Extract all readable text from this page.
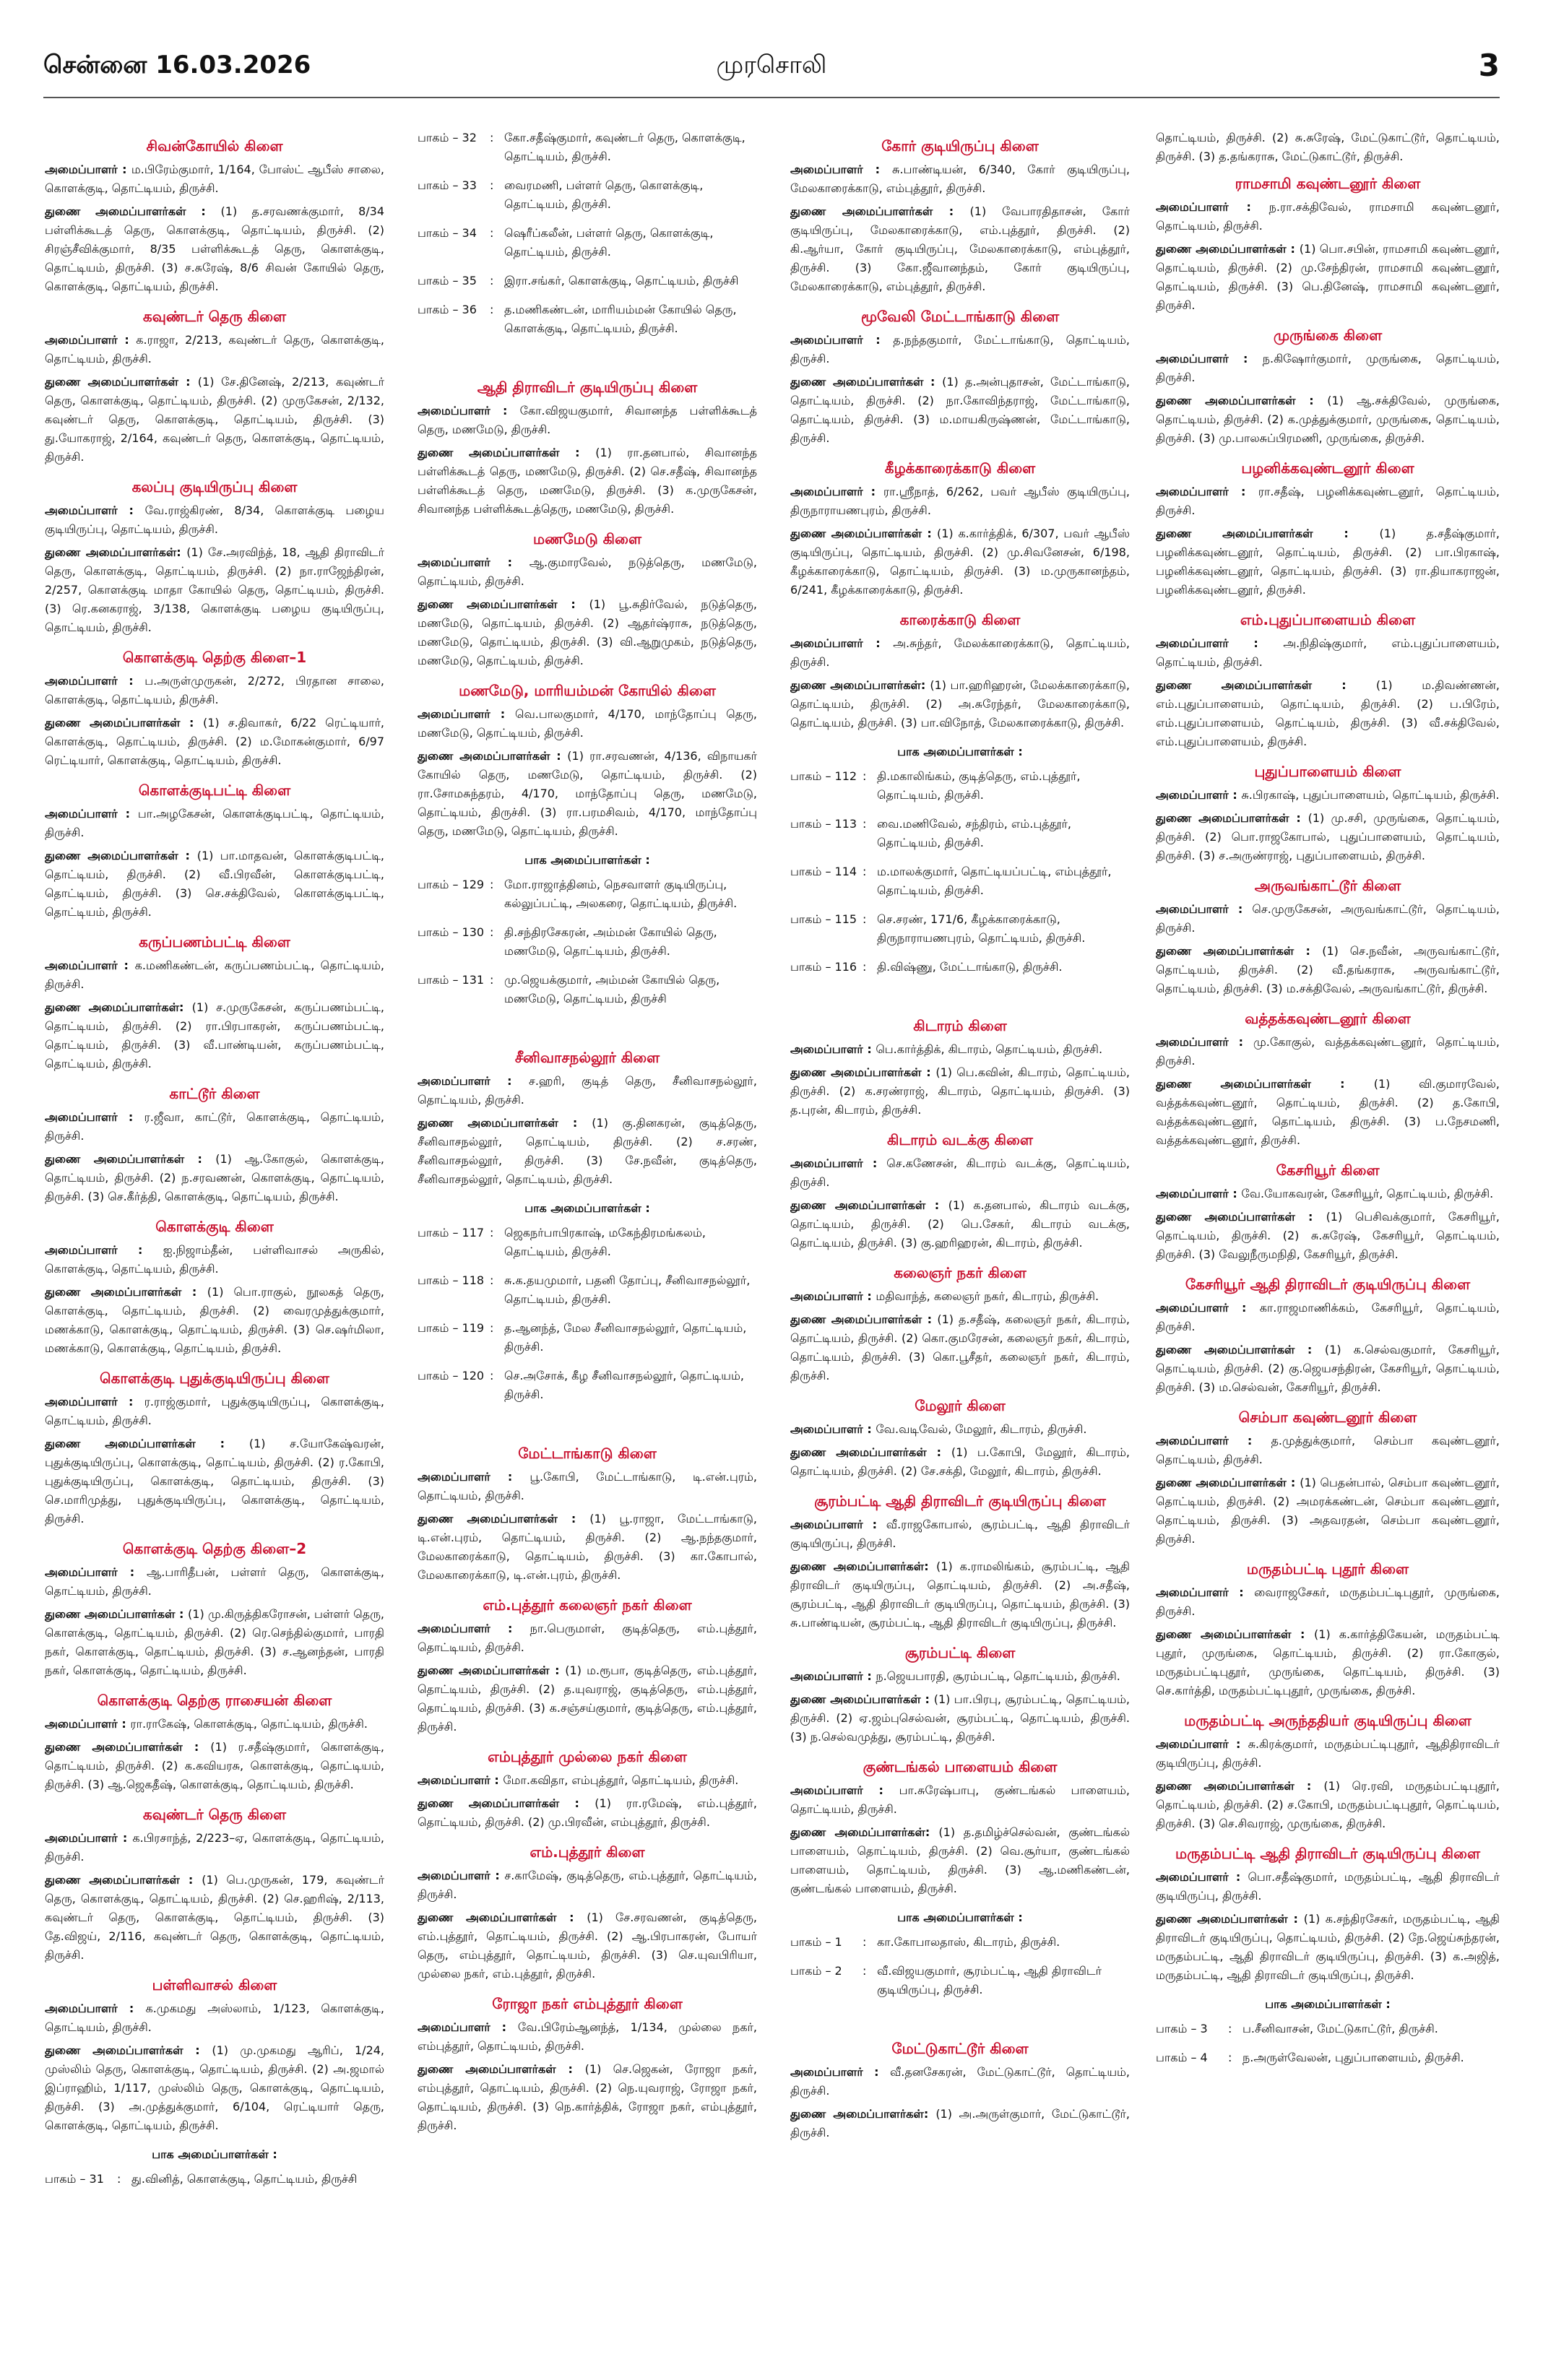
சென்னை 16.03.2026	முரசொலி	3
சிவன்கோயில் கிளை
அமைப்பாளர் : ம.பிரேம்குமார், 1/164, போஸ்ட் ஆபீஸ் சாலை, கொளக்குடி, தொட்டியம், திருச்சி.
துணை அமைப்பாளர்கள் : (1) த.சரவணக்குமார், 8/34 பள்ளிக்கூடத் தெரு, கொளக்குடி, தொட்டியம், திருச்சி. (2) சிரஞ்சீவிக்குமார், 8/35 பள்ளிக்கூடத் தெரு, கொளக்குடி, தொட்டியம், திருச்சி. (3) ச.சுரேஷ், 8/6 சிவன் கோயில் தெரு, கொளக்குடி, தொட்டியம், திருச்சி.
கவுண்டர் தெரு கிளை
அமைப்பாளர் : க.ராஜா, 2/213, கவுண்டர் தெரு, கொளக்குடி, தொட்டியம், திருச்சி.
துணை அமைப்பாளர்கள் : (1) சே.தினேஷ், 2/213, கவுண்டர் தெரு, கொளக்குடி, தொட்டியம், திருச்சி. (2) முருகேசன், 2/132, கவுண்டர் தெரு, கொளக்குடி, தொட்டியம், திருச்சி. (3) து.யோகராஜ், 2/164, கவுண்டர் தெரு, கொளக்குடி, தொட்டியம், திருச்சி.
கலப்பு குடியிருப்பு கிளை
அமைப்பாளர் : வே.ராஜ்கிரண், 8/34, கொளக்குடி பழைய குடியிருப்பு, தொட்டியம், திருச்சி.
துணை அமைப்பாளர்கள்: (1) சே.அரவிந்த், 18, ஆதி திராவிடர் தெரு, கொளக்குடி, தொட்டியம், திருச்சி. (2) நா.ராஜேந்திரன், 2/257, கொளக்குடி மாதா கோயில் தெரு, தொட்டியம், திருச்சி. (3) ரெ.கனகராஜ், 3/138, கொளக்குடி பழைய குடியிருப்பு, தொட்டியம், திருச்சி.
கொளக்குடி தெற்கு கிளை–1
அமைப்பாளர் : ப.அருள்முருகன், 2/272, பிரதான சாலை, கொளக்குடி, தொட்டியம், திருச்சி.
துணை அமைப்பாளர்கள் : (1) ச.திவாகர், 6/22 ரெட்டியார், கொளக்குடி, தொட்டியம், திருச்சி. (2) ம.மோகன்குமார், 6/97 ரெட்டியார், கொளக்குடி, தொட்டியம், திருச்சி.
கொளக்குடிபட்டி கிளை
அமைப்பாளர் : பா.அழகேசன், கொளக்குடிபட்டி, தொட்டியம், திருச்சி.
துணை அமைப்பாளர்கள் : (1) பா.மாதவன், கொளக்குடிபட்டி, தொட்டியம், திருச்சி. (2) வீ.பிரவீன், கொளக்குடிபட்டி, தொட்டியம், திருச்சி. (3) செ.சக்திவேல், கொளக்குடிபட்டி, தொட்டியம், திருச்சி.
கருப்பணம்பட்டி கிளை
அமைப்பாளர் : க.மணிகண்டன், கருப்பணம்பட்டி, தொட்டியம், திருச்சி.
துணை அமைப்பாளர்கள்: (1) ச.முருகேசன், கருப்பணம்பட்டி, தொட்டியம், திருச்சி. (2) ரா.பிரபாகரன், கருப்பணம்பட்டி, தொட்டியம், திருச்சி. (3) வீ.பாண்டியன், கருப்பணம்பட்டி, தொட்டியம், திருச்சி.
காட்டூர் கிளை
அமைப்பாளர் : ர.ஜீவா, காட்டூர், கொளக்குடி, தொட்டியம், திருச்சி.
துணை அமைப்பாளர்கள் : (1) ஆ.கோகுல், கொளக்குடி, தொட்டியம், திருச்சி. (2) ந.சரவணன், கொளக்குடி, தொட்டியம், திருச்சி. (3) செ.கீர்த்தி, கொளக்குடி, தொட்டியம், திருச்சி.
கொளக்குடி கிளை
அமைப்பாளர் : ஐ.நிஜாம்தீன், பள்ளிவாசல் அருகில், கொளக்குடி, தொட்டியம், திருச்சி.
துணை அமைப்பாளர்கள் : (1) பொ.ராகுல், நூலகத் தெரு, கொளக்குடி, தொட்டியம், திருச்சி. (2) வைரமுத்துக்குமார், மணக்காடு, கொளக்குடி, தொட்டியம், திருச்சி. (3) செ.ஷர்மிலா, மணக்காடு, கொளக்குடி, தொட்டியம், திருச்சி.
கொளக்குடி புதுக்குடியிருப்பு கிளை
அமைப்பாளர் : ர.ராஜ்குமார், புதுக்குடியிருப்பு, கொளக்குடி, தொட்டியம், திருச்சி.
துணை அமைப்பாளர்கள் : (1) ச.யோகேஷ்வரன், புதுக்குடியிருப்பு, கொளக்குடி, தொட்டியம், திருச்சி. (2) ர.கோபி, புதுக்குடியிருப்பு, கொளக்குடி, தொட்டியம், திருச்சி. (3) செ.மாரிமுத்து, புதுக்குடியிருப்பு, கொளக்குடி, தொட்டியம், திருச்சி.
கொளக்குடி தெற்கு கிளை–2
அமைப்பாளர் : ஆ.பாரிதீபன், பள்ளர் தெரு, கொளக்குடி, தொட்டியம், திருச்சி.
துணை அமைப்பாளர்கள் : (1) மு.கிருத்திகரோசன், பள்ளர் தெரு, கொளக்குடி, தொட்டியம், திருச்சி. (2) ரெ.செந்தில்குமார், பாரதி நகர், கொளக்குடி, தொட்டியம், திருச்சி. (3) ச.ஆனந்தன், பாரதி நகர், கொளக்குடி, தொட்டியம், திருச்சி.
கொளக்குடி தெற்கு ராசையன் கிளை
அமைப்பாளர் : ரா.ராகேஷ், கொளக்குடி, தொட்டியம், திருச்சி.
துணை அமைப்பாளர்கள் : (1) ர.சதீஷ்குமார், கொளக்குடி, தொட்டியம், திருச்சி. (2) க.கவியரசு, கொளக்குடி, தொட்டியம், திருச்சி. (3) ஆ.ஜெகதீஷ், கொளக்குடி, தொட்டியம், திருச்சி.
கவுண்டர் தெரு கிளை
அமைப்பாளர் : க.பிரசாந்த், 2/223–ஏ, கொளக்குடி, தொட்டியம், திருச்சி.
துணை அமைப்பாளர்கள் : (1) பெ.முருகன், 179, கவுண்டர் தெரு, கொளக்குடி, தொட்டியம், திருச்சி. (2) செ.ஹரிஷ், 2/113, கவுண்டர் தெரு, கொளக்குடி, தொட்டியம், திருச்சி. (3) தே.விஜய், 2/116, கவுண்டர் தெரு, கொளக்குடி, தொட்டியம், திருச்சி.
பள்ளிவாசல் கிளை
அமைப்பாளர் : க.முகமது அஸ்லாம், 1/123, கொளக்குடி, தொட்டியம், திருச்சி.
துணை அமைப்பாளர்கள் : (1) மு.முகமது ஆரிப், 1/24, முஸ்லிம் தெரு, கொளக்குடி, தொட்டியம், திருச்சி. (2) அ.ஜமால் இப்ராஹிம், 1/117, முஸ்லிம் தெரு, கொளக்குடி, தொட்டியம், திருச்சி. (3) அ.முத்துக்குமார், 6/104, ரெட்டியார் தெரு, கொளக்குடி, தொட்டியம், திருச்சி.
பாக அமைப்பாளர்கள் :
பாகம் – 31	: து.வினித், கொளக்குடி, தொட்டியம், திருச்சி
பாகம் – 32	: கோ.சதீஷ்குமார், கவுண்டர் தெரு, கொளக்குடி, தொட்டியம், திருச்சி.
பாகம் – 33	: வைரமணி, பள்ளர் தெரு, கொளக்குடி, தொட்டியம், திருச்சி.
பாகம் – 34	: ஷெரீப்கலீன், பள்ளர் தெரு, கொளக்குடி, தொட்டியம், திருச்சி.
பாகம் – 35	: இரா.சங்கர், கொளக்குடி, தொட்டியம், திருச்சி
பாகம் – 36	: த.மணிகண்டன், மாரியம்மன் கோயில் தெரு, கொளக்குடி, தொட்டியம், திருச்சி.
ஆதி திராவிடர் குடியிருப்பு கிளை
அமைப்பாளர் : கோ.விஜயகுமார், சிவானந்த பள்ளிக்கூடத் தெரு, மணமேடு, திருச்சி.
துணை அமைப்பாளர்கள் : (1) ரா.தனபால், சிவானந்த பள்ளிக்கூடத் தெரு, மணமேடு, திருச்சி. (2) செ.சதீஷ், சிவானந்த பள்ளிக்கூடத் தெரு, மணமேடு, திருச்சி. (3) க.முருகேசன், சிவானந்த பள்ளிக்கூடத்தெரு, மணமேடு, திருச்சி.
மணமேடு கிளை
அமைப்பாளர் : ஆ.குமாரவேல், நடுத்தெரு, மணமேடு, தொட்டியம், திருச்சி.
துணை அமைப்பாளர்கள் : (1) பூ.சுதிர்வேல், நடுத்தெரு, மணமேடு, தொட்டியம், திருச்சி. (2) ஆதர்ஷ்ராசு, நடுத்தெரு, மணமேடு, தொட்டியம், திருச்சி. (3) வி.ஆறுமுகம், நடுத்தெரு, மணமேடு, தொட்டியம், திருச்சி.
மணமேடு, மாரியம்மன் கோயில் கிளை
அமைப்பாளர் : வெ.பாலகுமார், 4/170, மாந்தோப்பு தெரு, மணமேடு, தொட்டியம், திருச்சி.
துணை அமைப்பாளர்கள் : (1) ரா.சரவணன், 4/136, விநாயகர் கோயில் தெரு, மணமேடு, தொட்டியம், திருச்சி. (2) ரா.சோமசுந்தரம், 4/170, மாந்தோப்பு தெரு, மணமேடு, தொட்டியம், திருச்சி. (3) ரா.பரமசிவம், 4/170, மாந்தோப்பு தெரு, மணமேடு, தொட்டியம், திருச்சி.
பாக அமைப்பாளர்கள் :
பாகம் – 129 : மோ.ராஜாத்தினம், நெசவாளர் குடியிருப்பு, கல்லுப்பட்டி, அலகரை, தொட்டியம், திருச்சி.
பாகம் – 130 : தி.சந்திரசேகரன், அம்மன் கோயில் தெரு, மணமேடு, தொட்டியம், திருச்சி.
பாகம் – 131 : மு.ஜெயக்குமார், அம்மன் கோயில் தெரு, மணமேடு, தொட்டியம், திருச்சி
சீனிவாசநல்லூர் கிளை
அமைப்பாளர் : ச.ஹரி, குடித் தெரு, சீனிவாசநல்லூர், தொட்டியம், திருச்சி.
துணை அமைப்பாளர்கள் : (1) கு.தினகரன், குடித்தெரு, சீனிவாசநல்லூர், தொட்டியம், திருச்சி. (2) ச.சரண், சீனிவாசநல்லூர், திருச்சி. (3) சே.நவீன், குடித்தெரு, சீனிவாசநல்லூர், தொட்டியம், திருச்சி.
பாக அமைப்பாளர்கள் :
பாகம் – 117 : ஜெகநர்பாபிரகாஷ், மகேந்திரமங்கலம், தொட்டியம், திருச்சி.
பாகம் – 118 : சு.க.தயமுமார், பதனி தோப்பு, சீனிவாசநல்லூர், தொட்டியம், திருச்சி.
பாகம் – 119 : த.ஆனந்த், மேல சீனிவாசநல்லூர், தொட்டியம், திருச்சி.
பாகம் – 120 : செ.அசோக், கீழ சீனிவாசநல்லூர், தொட்டியம், திருச்சி.
மேட்டாங்காடு கிளை
அமைப்பாளர் : பூ.கோபி, மேட்டாங்காடு, டி.என்.புரம், தொட்டியம், திருச்சி.
துணை அமைப்பாளர்கள் : (1) பூ.ராஜா, மேட்டாங்காடு, டி.என்.புரம், தொட்டியம், திருச்சி. (2) ஆ.நந்தகுமார், மேலகாரைக்காடு, தொட்டியம், திருச்சி. (3) கா.கோபால், மேலகாரைக்காடு, டி.என்.புரம், திருச்சி.
எம்.புத்தூர் கலைஞர் நகர் கிளை
அமைப்பாளர் : நா.பெருமாள், குடித்தெரு, எம்.புத்தூர், தொட்டியம், திருச்சி.
துணை அமைப்பாளர்கள் : (1) ம.ரூபா, குடித்தெரு, எம்.புத்தூர், தொட்டியம், திருச்சி. (2) த.யுவராஜ், குடித்தெரு, எம்.புத்தூர், தொட்டியம், திருச்சி. (3) க.சஞ்சய்குமார், குடித்தெரு, எம்.புத்தூர், திருச்சி.
எம்புத்தூர் முல்லை நகர் கிளை
அமைப்பாளர் : மோ.கவிதா, எம்புத்தூர், தொட்டியம், திருச்சி.
துணை அமைப்பாளர்கள் : (1) ரா.ரமேஷ், எம்.புத்தூர், தொட்டியம், திருச்சி. (2) மு.பிரவீன், எம்புத்தூர், திருச்சி.
எம்.புத்தூர் கிளை
அமைப்பாளர் : ச.காமேஷ், குடித்தெரு, எம்.புத்தூர், தொட்டியம், திருச்சி.
துணை அமைப்பாளர்கள் : (1) சே.சரவணன், குடித்தெரு, எம்.புத்தூர், தொட்டியம், திருச்சி. (2) ஆ.பிரபாகரன், போயர் தெரு, எம்புத்தூர், தொட்டியம், திருச்சி. (3) செ.யுவபிரியா, முல்லை நகர், எம்.புத்தூர், திருச்சி.
ரோஜா நகர் எம்புத்தூர் கிளை
அமைப்பாளர் : வே.பிரேம்ஆனந்த், 1/134, முல்லை நகர், எம்புத்தூர், தொட்டியம், திருச்சி.
துணை அமைப்பாளர்கள் : (1) செ.ஜெகன், ரோஜா நகர், எம்புத்தூர், தொட்டியம், திருச்சி. (2) நெ.யுவராஜ், ரோஜா நகர், தொட்டியம், திருச்சி. (3) நெ.கார்த்திக், ரோஜா நகர், எம்புத்தூர், திருச்சி.
கோர் குடியிருப்பு கிளை
அமைப்பாளர் : சு.பாண்டியன், 6/340, கோர் குடியிருப்பு, மேலகாரைக்காடு, எம்புத்தூர், திருச்சி.
துணை அமைப்பாளர்கள் : (1) வேபாரதிதாசன், கோர் குடியிருப்பு, மேலகாரைக்காடு, எம்.புத்தூர், திருச்சி. (2) கி.ஆர்யா, கோர் குடியிருப்பு, மேலகாரைக்காடு, எம்புத்தூர், திருச்சி. (3) கோ.ஜீவானந்தம், கோர் குடியிருப்பு, மேலகாரைக்காடு, எம்புத்தூர், திருச்சி.
மூவேலி மேட்டாங்காடு கிளை
அமைப்பாளர் : த.நந்தகுமார், மேட்டாங்காடு, தொட்டியம், திருச்சி.
துணை அமைப்பாளர்கள் : (1) த.அன்புதாசன், மேட்டாங்காடு, தொட்டியம், திருச்சி. (2) நா.கோவிந்தராஜ், மேட்டாங்காடு, தொட்டியம், திருச்சி. (3) ம.மாயகிருஷ்ணன், மேட்டாங்காடு, திருச்சி.
கீழக்காரைக்காடு கிளை
அமைப்பாளர் : ரா.ஸ்ரீநாத், 6/262, பவர் ஆபீஸ் குடியிருப்பு, திருநாராயணபுரம், திருச்சி.
துணை அமைப்பாளர்கள் : (1) க.கார்த்திக், 6/307, பவர் ஆபீஸ் குடியிருப்பு, தொட்டியம், திருச்சி. (2) மு.சிவனேசன், 6/198, கீழக்காரைக்காடு, தொட்டியம், திருச்சி. (3) ம.முருகானந்தம், 6/241, கீழக்காரைக்காடு, திருச்சி.
காரைக்காடு கிளை
அமைப்பாளர் : அ.சுந்தர், மேலக்காரைக்காடு, தொட்டியம், திருச்சி.
துணை அமைப்பாளர்கள்: (1) பா.ஹரிஹரன், மேலக்காரைக்காடு, தொட்டியம், திருச்சி. (2) அ.சுரேந்தர், மேலகாரைக்காடு, தொட்டியம், திருச்சி. (3) பா.விநோத், மேலகாரைக்காடு, திருச்சி.
பாக அமைப்பாளர்கள் :
பாகம் – 112 : தி.மகாலிங்கம், குடித்தெரு, எம்.புத்தூர், தொட்டியம், திருச்சி.
பாகம் – 113 : வை.மணிவேல், சந்திரம், எம்.புத்தூர், தொட்டியம், திருச்சி.
பாகம் – 114 : ம.மாலக்குமார், தொட்டியப்பட்டி, எம்புத்தூர், தொட்டியம், திருச்சி.
பாகம் – 115 : செ.சரண், 171/6, கீழக்காரைக்காடு, திருநாராயணபுரம், தொட்டியம், திருச்சி.
பாகம் – 116 : தி.விஷ்ணு, மேட்டாங்காடு, திருச்சி.
கிடாரம் கிளை
அமைப்பாளர் : பெ.கார்த்திக், கிடாரம், தொட்டியம், திருச்சி.
துணை அமைப்பாளர்கள் : (1) பெ.கவின், கிடாரம், தொட்டியம், திருச்சி. (2) க.சரண்ராஜ், கிடாரம், தொட்டியம், திருச்சி. (3) த.புரன், கிடாரம், திருச்சி.
கிடாரம் வடக்கு கிளை
அமைப்பாளர் : செ.கணேசன், கிடாரம் வடக்கு, தொட்டியம், திருச்சி.
துணை அமைப்பாளர்கள் : (1) க.தனபால், கிடாரம் வடக்கு, தொட்டியம், திருச்சி. (2) பெ.சேகர், கிடாரம் வடக்கு, தொட்டியம், திருச்சி. (3) கு.ஹரிஹரன், கிடாரம், திருச்சி.
கலைஞர் நகர் கிளை
அமைப்பாளர் : மதிவாந்த், கலைஞர் நகர், கிடாரம், திருச்சி.
துணை அமைப்பாளர்கள் : (1) த.சதீஷ், கலைஞர் நகர், கிடாரம், தொட்டியம், திருச்சி. (2) கொ.குமரேசன், கலைஞர் நகர், கிடாரம், தொட்டியம், திருச்சி. (3) கொ.பூசீதர், கலைஞர் நகர், கிடாரம், திருச்சி.
மேலூர் கிளை
அமைப்பாளர் : வே.வடிவேல், மேலூர், கிடாரம், திருச்சி.
துணை அமைப்பாளர்கள் : (1) ப.கோபி, மேலூர், கிடாரம், தொட்டியம், திருச்சி. (2) சே.சக்தி, மேலூர், கிடாரம், திருச்சி.
சூரம்பட்டி ஆதி திராவிடர் குடியிருப்பு கிளை
அமைப்பாளர் : வீ.ராஜகோபால், சூரம்பட்டி, ஆதி திராவிடர் குடியிருப்பு, திருச்சி.
துணை அமைப்பாளர்கள்: (1) க.ராமலிங்கம், சூரம்பட்டி, ஆதி திராவிடர் குடியிருப்பு, தொட்டியம், திருச்சி. (2) அ.சதீஷ், சூரம்பட்டி, ஆதி திராவிடர் குடியிருப்பு, தொட்டியம், திருச்சி. (3) சு.பாண்டியன், சூரம்பட்டி, ஆதி திராவிடர் குடியிருப்பு, திருச்சி.
சூரம்பட்டி கிளை
அமைப்பாளர் : ந.ஜெயபாரதி, சூரம்பட்டி, தொட்டியம், திருச்சி.
துணை அமைப்பாளர்கள் : (1) பா.பிரபு, சூரம்பட்டி, தொட்டியம், திருச்சி. (2) ஏ.ஜம்புசெல்வன், சூரம்பட்டி, தொட்டியம், திருச்சி. (3) ந.செல்வமுத்து, சூரம்பட்டி, திருச்சி.
குண்டங்கல் பாளையம் கிளை
அமைப்பாளர் : பா.சுரேஷ்பாபு, குண்டங்கல் பாளையம், தொட்டியம், திருச்சி.
துணை அமைப்பாளர்கள்: (1) த.தமிழ்ச்செல்வன், குண்டங்கல் பாளையம், தொட்டியம், திருச்சி. (2) வெ.சூர்யா, குண்டங்கல் பாளையம், தொட்டியம், திருச்சி. (3) ஆ.மணிகண்டன், குண்டங்கல் பாளையம், திருச்சி.
பாக அமைப்பாளர்கள் :
பாகம் – 1	: கா.கோபாலதாஸ், கிடாரம், திருச்சி.
பாகம் – 2	: வீ.விஜயகுமார், சூரம்பட்டி, ஆதி திராவிடர் குடியிருப்பு, திருச்சி.
மேட்டுகாட்டூர் கிளை
அமைப்பாளர் : வீ.தனசேகரன், மேட்டுகாட்டூர், தொட்டியம், திருச்சி.
துணை அமைப்பாளர்கள்: (1) அ.அருள்குமார், மேட்டுகாட்டூர், திருச்சி.
தொட்டியம், திருச்சி. (2) சு.சுரேஷ், மேட்டுகாட்டூர், தொட்டியம், திருச்சி. (3) த.தங்கராசு, மேட்டுகாட்டூர், திருச்சி.
ராமசாமி கவுண்டனூர் கிளை
அமைப்பாளர் : ந.ரா.சக்திவேல், ராமசாமி கவுண்டனூர், தொட்டியம், திருச்சி.
துணை அமைப்பாளர்கள் : (1) பொ.சபின், ராமசாமி கவுண்டனூர், தொட்டியம், திருச்சி. (2) மு.சேந்திரன், ராமசாமி கவுண்டனூர், தொட்டியம், திருச்சி. (3) பெ.தினேஷ், ராமசாமி கவுண்டனூர், திருச்சி.
முருங்கை கிளை
அமைப்பாளர் : ந.கிஷோர்குமார், முருங்கை, தொட்டியம், திருச்சி.
துணை அமைப்பாளர்கள் : (1) ஆ.சக்திவேல், முருங்கை, தொட்டியம், திருச்சி. (2) க.முத்துக்குமார், முருங்கை, தொட்டியம், திருச்சி. (3) மு.பாலசுப்பிரமணி, முருங்கை, திருச்சி.
பழனிக்கவுண்டனூர் கிளை
அமைப்பாளர் : ரா.சதீஷ், பழனிக்கவுண்டனூர், தொட்டியம், திருச்சி.
துணை அமைப்பாளர்கள் : (1) த.சதீஷ்குமார், பழனிக்கவுண்டனூர், தொட்டியம், திருச்சி. (2) பா.பிரகாஷ், பழனிக்கவுண்டனூர், தொட்டியம், திருச்சி. (3) ரா.தியாகராஜன், பழனிக்கவுண்டனூர், திருச்சி.
எம்.புதுப்பாளையம் கிளை
அமைப்பாளர் : அ.நிதிஷ்குமார், எம்.புதுப்பாளையம், தொட்டியம், திருச்சி.
துணை அமைப்பாளர்கள் : (1) ம.திவண்ணன், எம்.புதுப்பாளையம், தொட்டியம், திருச்சி. (2) ப.பிரேம், எம்.புதுப்பாளையம், தொட்டியம், திருச்சி. (3) வீ.சக்திவேல், எம்.புதுப்பாளையம், திருச்சி.
புதுப்பாளையம் கிளை
அமைப்பாளர் : சு.பிரகாஷ், புதுப்பாளையம், தொட்டியம், திருச்சி.
துணை அமைப்பாளர்கள் : (1) மு.சசி, முருங்கை, தொட்டியம், திருச்சி. (2) பொ.ராஜகோபால், புதுப்பாளையம், தொட்டியம், திருச்சி. (3) ச.அருண்ராஜ், புதுப்பாளையம், திருச்சி.
அருவங்காட்டூர் கிளை
அமைப்பாளர் : செ.முருகேசன், அருவங்காட்டூர், தொட்டியம், திருச்சி.
துணை அமைப்பாளர்கள் : (1) செ.நவீன், அருவங்காட்டூர், தொட்டியம், திருச்சி. (2) வீ.தங்கராசு, அருவங்காட்டூர், தொட்டியம், திருச்சி. (3) ம.சக்திவேல், அருவங்காட்டூர், திருச்சி.
வத்தக்கவுண்டனூர் கிளை
அமைப்பாளர் : மு.கோகுல், வத்தக்கவுண்டனூர், தொட்டியம், திருச்சி.
துணை அமைப்பாளர்கள் : (1) வி.குமாரவேல், வத்தக்கவுண்டனூர், தொட்டியம், திருச்சி. (2) த.கோபி, வத்தக்கவுண்டனூர், தொட்டியம், திருச்சி. (3) ப.நேசமணி, வத்தக்கவுண்டனூர், திருச்சி.
கேசரியூர் கிளை
அமைப்பாளர் : வே.யோகவரன், கேசரியூர், தொட்டியம், திருச்சி.
துணை அமைப்பாளர்கள் : (1) பெசிவக்குமார், கேசரியூர், தொட்டியம், திருச்சி. (2) சு.சுரேஷ், கேசரியூர், தொட்டியம், திருச்சி. (3) வேலுநீருமநிதி, கேசரியூர், திருச்சி.
கேசரியூர் ஆதி திராவிடர் குடியிருப்பு கிளை
அமைப்பாளர் : கா.ராஜமாணிக்கம், கேசரியூர், தொட்டியம், திருச்சி.
துணை அமைப்பாளர்கள் : (1) க.செல்வகுமார், கேசரியூர், தொட்டியம், திருச்சி. (2) கு.ஜெயசந்திரன், கேசரியூர், தொட்டியம், திருச்சி. (3) ம.செல்வன், கேசரியூர், திருச்சி.
செம்பா கவுண்டனூர் கிளை
அமைப்பாளர் : த.முத்துக்குமார், செம்பா கவுண்டனூர், தொட்டியம், திருச்சி.
துணை அமைப்பாளர்கள் : (1) பெதன்பால், செம்பா கவுண்டனூர், தொட்டியம், திருச்சி. (2) அமரக்கண்டன், செம்பா கவுண்டனூர், தொட்டியம், திருச்சி. (3) அதவரதன், செம்பா கவுண்டனூர், திருச்சி.
மருதம்பட்டி புதூர் கிளை
அமைப்பாளர் : வைராஜசேகர், மருதம்பட்டிபுதூர், முருங்கை, திருச்சி.
துணை அமைப்பாளர்கள் : (1) க.கார்த்திகேயன், மருதம்பட்டி புதூர், முருங்கை, தொட்டியம், திருச்சி. (2) ரா.கோகுல், மருதம்பட்டிபுதூர், முருங்கை, தொட்டியம், திருச்சி. (3) செ.கார்த்தி, மருதம்பட்டிபுதூர், முருங்கை, திருச்சி.
மருதம்பட்டி அருந்ததியர் குடியிருப்பு கிளை
அமைப்பாளர் : சு.கிரக்குமார், மருதம்பட்டிபுதூர், ஆதிதிராவிடர் குடியிருப்பு, திருச்சி.
துணை அமைப்பாளர்கள் : (1) ரெ.ரவி, மருதம்பட்டிபுதூர், தொட்டியம், திருச்சி. (2) ச.கோபி, மருதம்பட்டிபுதூர், தொட்டியம், திருச்சி. (3) செ.சிவராஜ், முருங்கை, திருச்சி.
மருதம்பட்டி ஆதி திராவிடர் குடியிருப்பு கிளை
அமைப்பாளர் : பொ.சதீஷ்குமார், மருதம்பட்டி, ஆதி திராவிடர் குடியிருப்பு, திருச்சி.
துணை அமைப்பாளர்கள் : (1) க.சந்திரசேகர், மருதம்பட்டி, ஆதி திராவிடர் குடியிருப்பு, தொட்டியம், திருச்சி. (2) நே.ஜெய்சுந்தரன், மருதம்பட்டி, ஆதி திராவிடர் குடியிருப்பு, திருச்சி. (3) க.அஜித், மருதம்பட்டி, ஆதி திராவிடர் குடியிருப்பு, திருச்சி.
பாக அமைப்பாளர்கள் :
பாகம் – 3	: ப.சீனிவாசன், மேட்டுகாட்டூர், திருச்சி.
பாகம் – 4	: ந.அருள்வேலன், புதுப்பாளையம், திருச்சி.
